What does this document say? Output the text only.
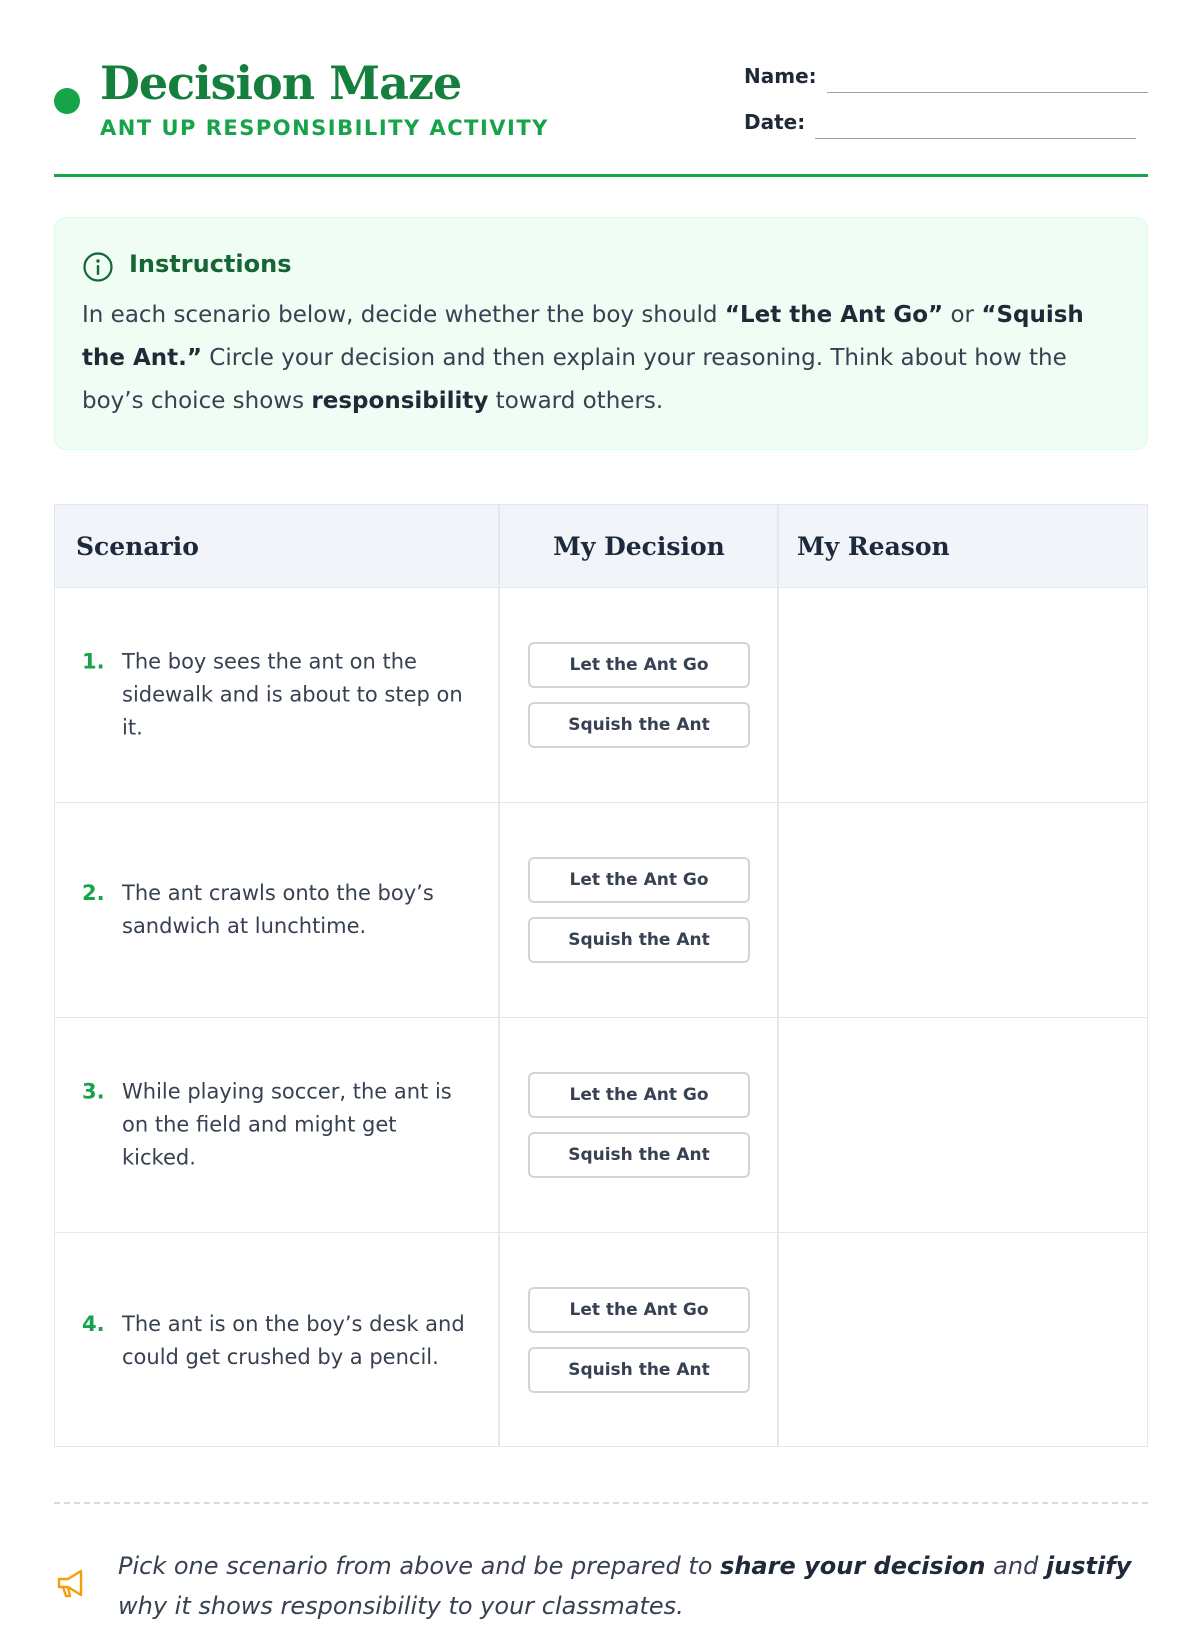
Decision Maze
ANT UP RESPONSIBILITY ACTIVITY
Name:
Date:
Instructions
In each scenario below, decide whether the boy should “Let the Ant Go” or “Squish the Ant.” Circle your decision and then explain your reasoning. Think about how the boy’s choice shows responsibility toward others.
Scenario	My Decision	My Reason
1. The boy sees the ant on the sidewalk and is about to step on it.
Let the Ant Go
Squish the Ant
2. The ant crawls onto the boy’s sandwich at lunchtime.
Let the Ant Go
Squish the Ant
3. While playing soccer, the ant is on the field and might get kicked.
Let the Ant Go
Squish the Ant
4. The ant is on the boy’s desk and could get crushed by a pencil.
Let the Ant Go
Squish the Ant
Pick one scenario from above and be prepared to share your decision and justify why it shows responsibility to your classmates.
